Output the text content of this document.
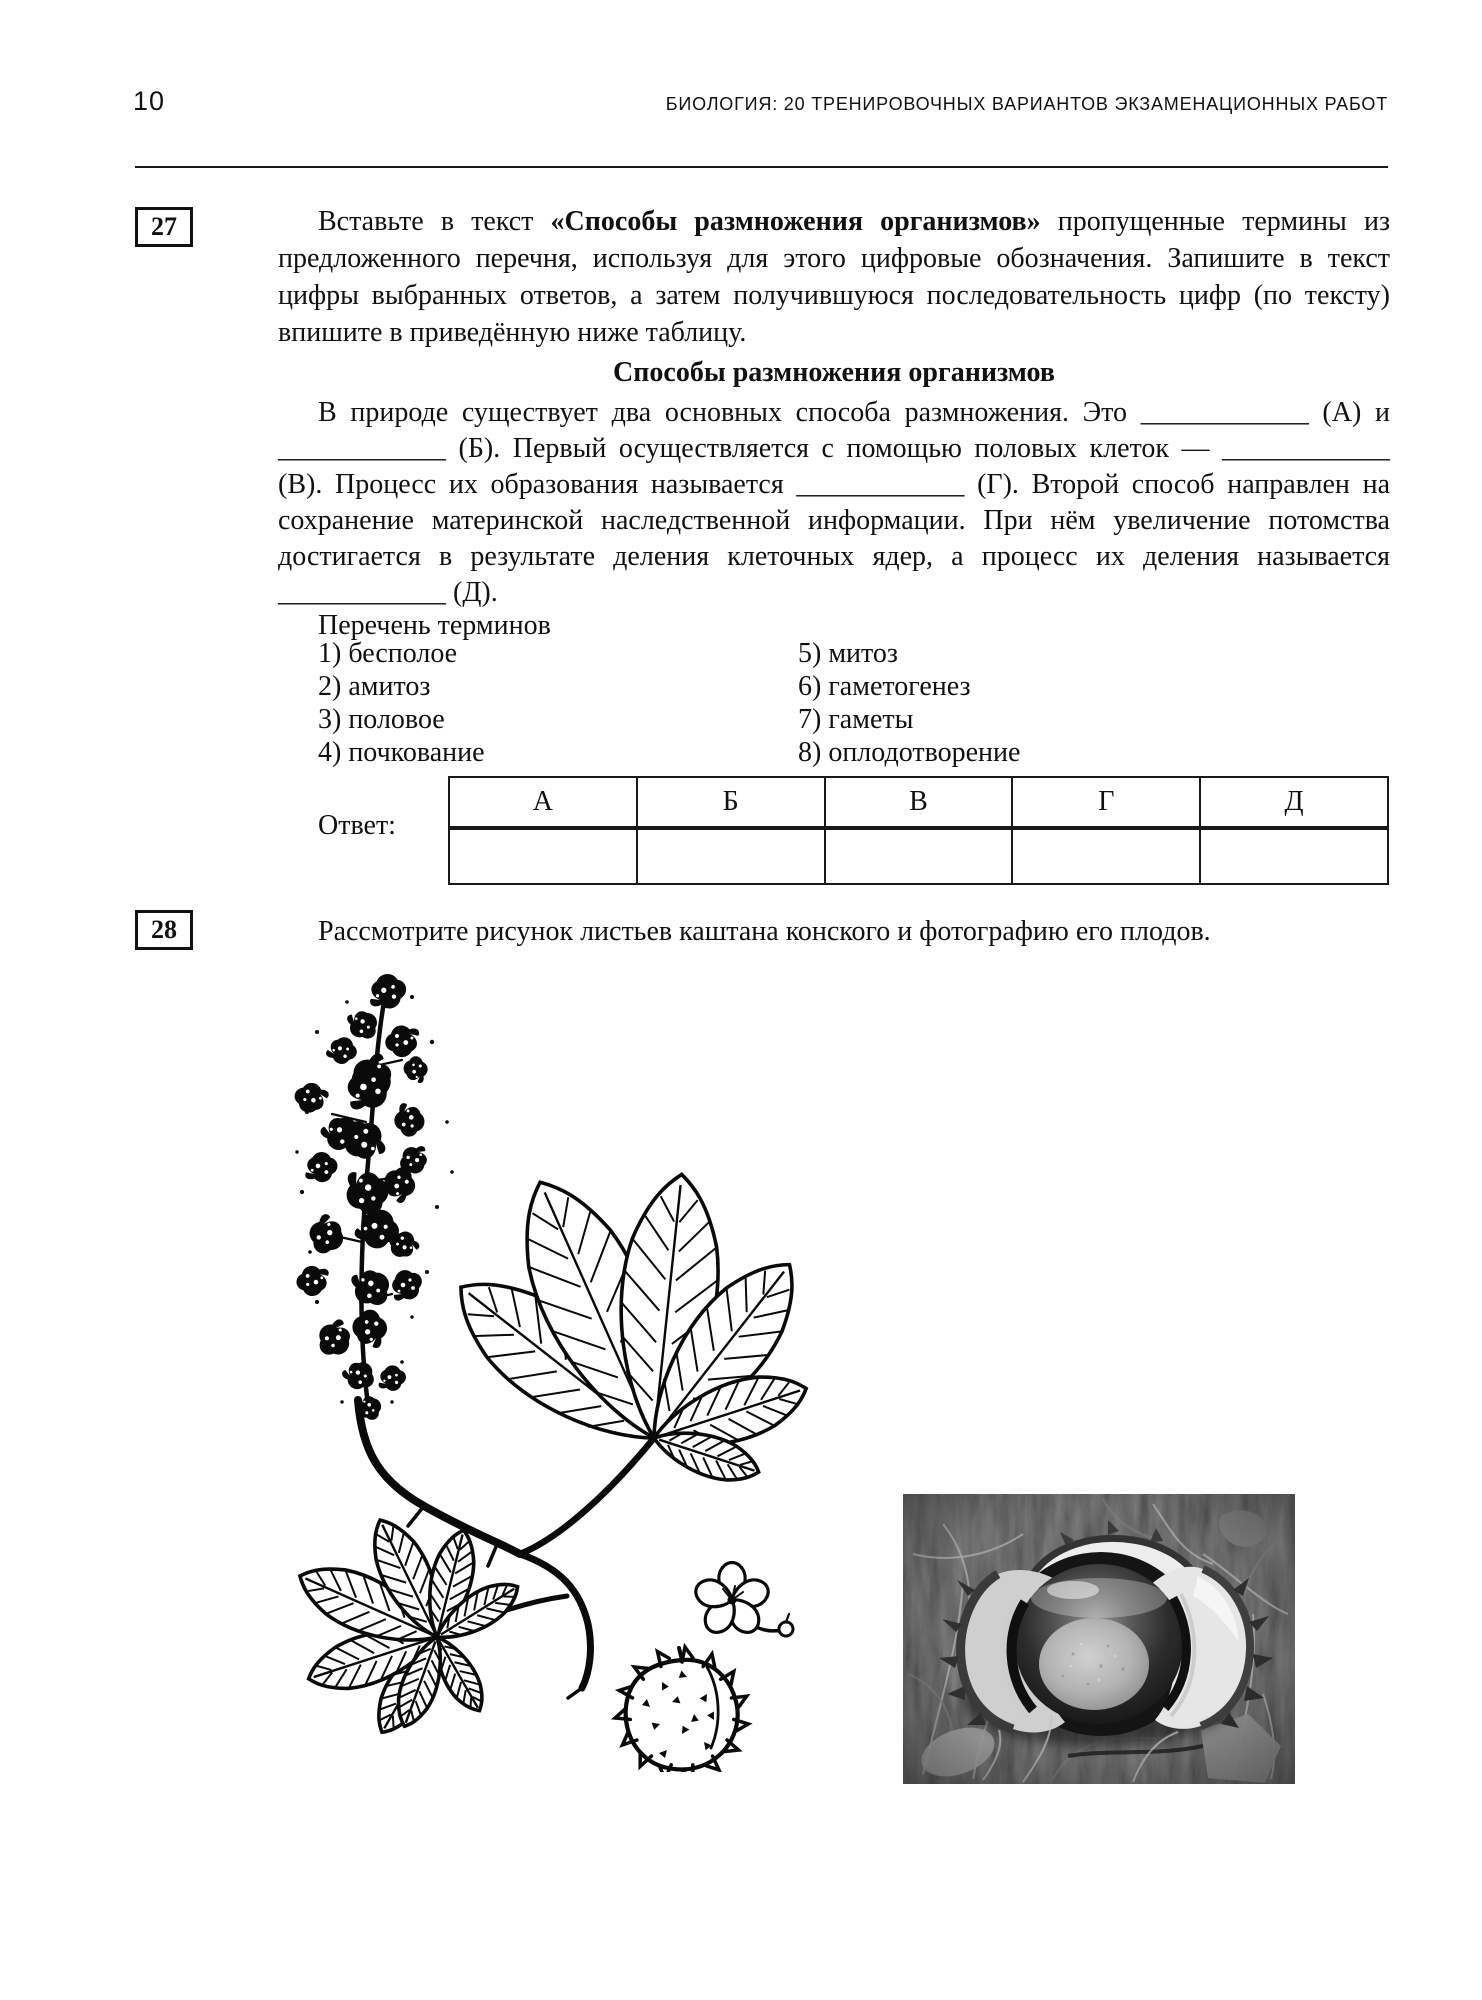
10	БИОЛОГИЯ: 20 ТРЕНИРОВОЧНЫХ ВАРИАНТОВ ЭКЗАМЕНАЦИОННЫХ РАБОТ
27	Вставьте в текст «Способы размножения организмов» пропущенные термины из предложенного перечня, используя для этого цифровые обозначения. Запишите в текст цифры выбранных ответов, а затем получившуюся последовательность цифр (по тексту) впишите в приведённую ниже таблицу.

Способы размножения организмов

В природе существует два основных способа размножения. Это ____________ (А) и ____________ (Б). Первый осуществляется с помощью половых клеток — ____________ (В). Процесс их образования называется ____________ (Г). Второй способ направлен на сохранение материнской наследственной информации. При нём увеличение потомства достигается в результате деления клеточных ядер, а процесс их деления называется ____________ (Д).

Перечень терминов
1) бесполое
2) амитоз
3) половое
4) почкование
5) митоз
6) гаметогенез
7) гаметы
8) оплодотворение
Ответ:
А	Б	В	Г	Д

28	Рассмотрите рисунок листьев каштана конского и фотографию его плодов.
